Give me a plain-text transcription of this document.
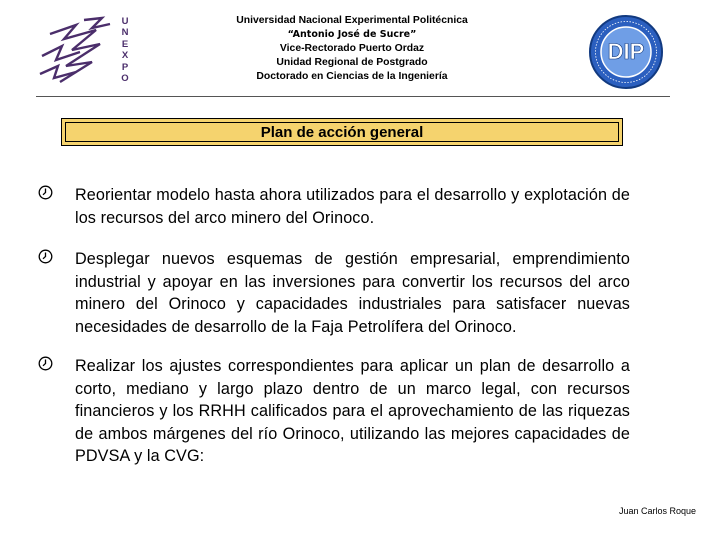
U
N
E
X
P
O
Universidad Nacional Experimental Politécnica
“Antonio José de Sucre”
Vice-Rectorado Puerto Ordaz
Unidad Regional de Postgrado
Doctorado en Ciencias de la Ingeniería
DIP
Plan de acción general
Reorientar modelo hasta ahora utilizados para el desarrollo y explotación de los recursos del arco minero del Orinoco.
Desplegar nuevos esquemas de gestión empresarial, emprendimiento industrial y apoyar en las inversiones para convertir los recursos del arco minero del Orinoco y capacidades industriales para satisfacer nuevas necesidades de desarrollo de la Faja Petrolífera del Orinoco.
Realizar los ajustes correspondientes para aplicar un plan de desarrollo a corto, mediano y largo plazo dentro de un marco legal, con recursos financieros y los RRHH calificados para el aprovechamiento de las riquezas de ambos márgenes del río Orinoco, utilizando las mejores capacidades de PDVSA y la CVG:
Juan Carlos Roque
